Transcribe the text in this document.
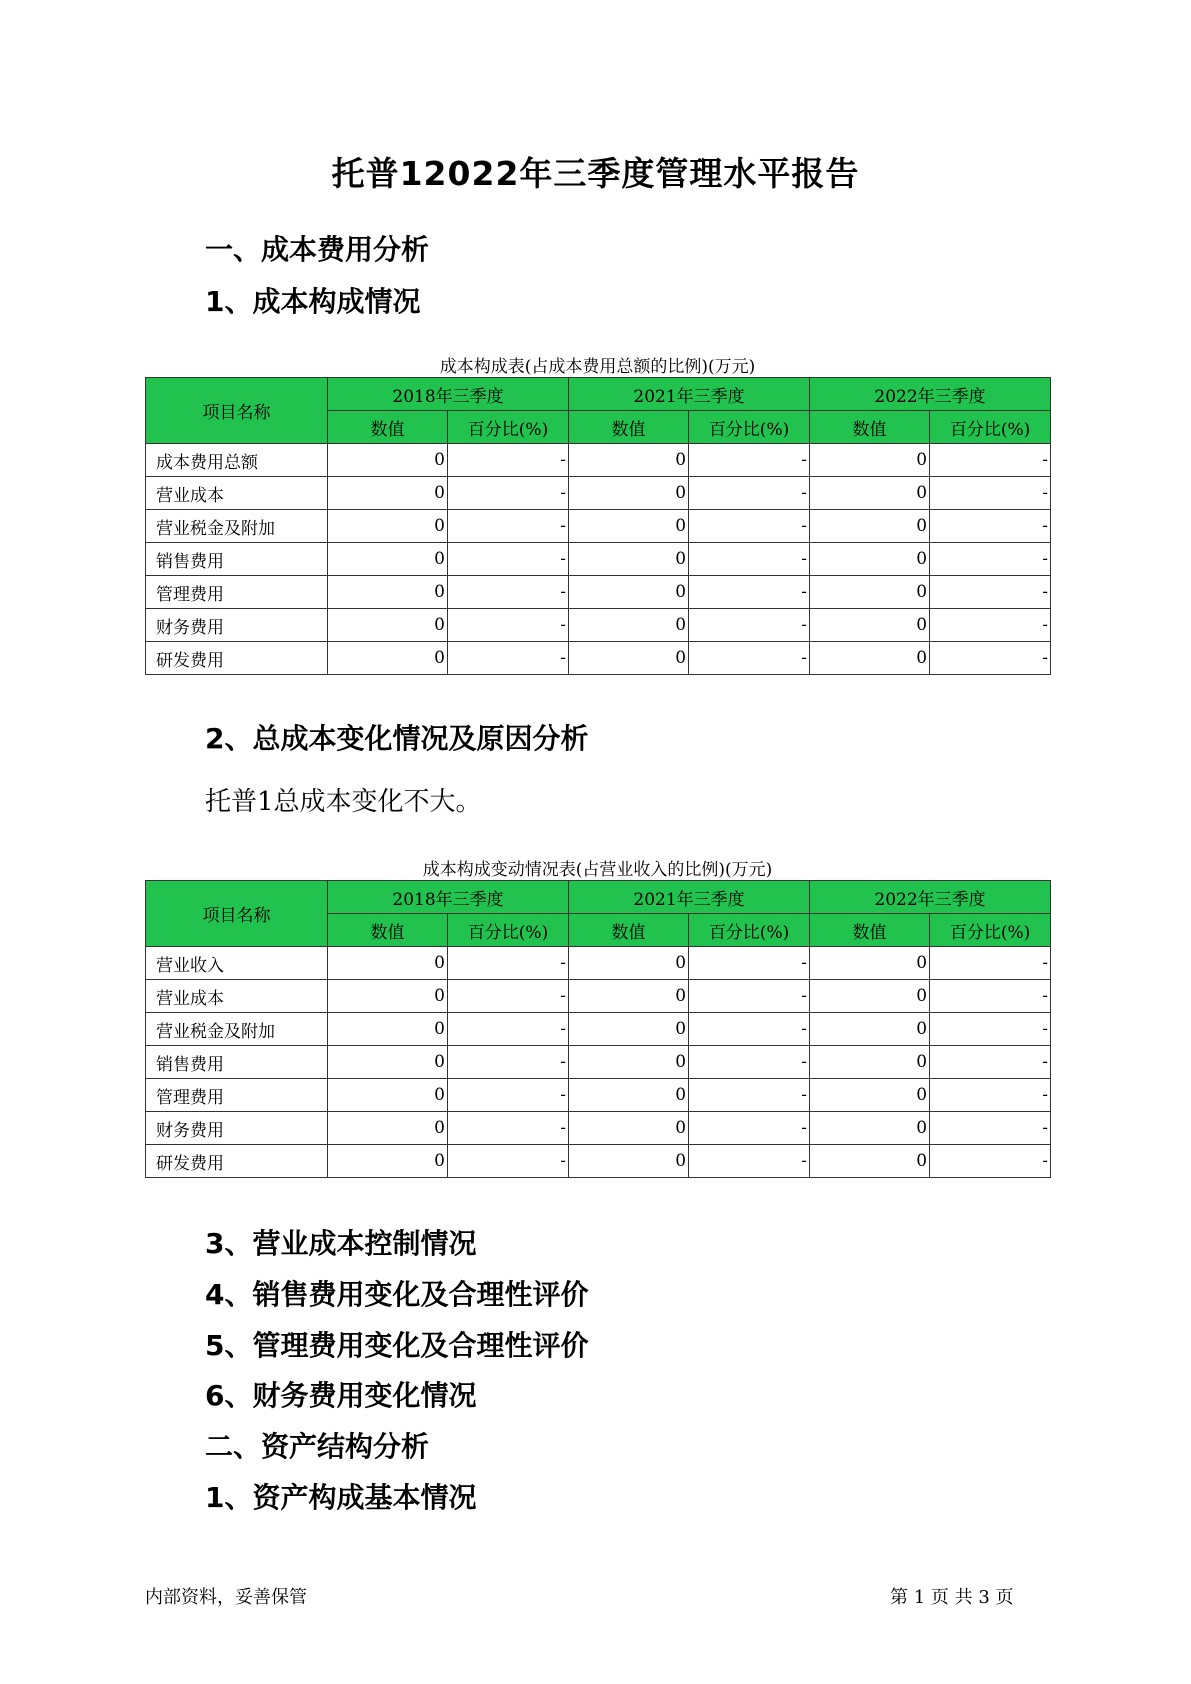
托普12022年三季度管理水平报告
一、成本费用分析
1、成本构成情况
成本构成表(占成本费用总额的比例)(万元)
项目名称	2018年三季度		2021年三季度		2022年三季度	
	数值	百分比(%)	数值	百分比(%)	数值	百分比(%)
成本费用总额	0	-	0	-	0	-
营业成本	0	-	0	-	0	-
营业税金及附加	0	-	0	-	0	-
销售费用	0	-	0	-	0	-
管理费用	0	-	0	-	0	-
财务费用	0	-	0	-	0	-
研发费用	0	-	0	-	0	-
2、总成本变化情况及原因分析
托普1总成本变化不大。
成本构成变动情况表(占营业收入的比例)(万元)
项目名称	2018年三季度		2021年三季度		2022年三季度	
	数值	百分比(%)	数值	百分比(%)	数值	百分比(%)
营业收入	0	-	0	-	0	-
营业成本	0	-	0	-	0	-
营业税金及附加	0	-	0	-	0	-
销售费用	0	-	0	-	0	-
管理费用	0	-	0	-	0	-
财务费用	0	-	0	-	0	-
研发费用	0	-	0	-	0	-
3、营业成本控制情况
4、销售费用变化及合理性评价
5、管理费用变化及合理性评价
6、财务费用变化情况
二、资产结构分析
1、资产构成基本情况
内部资料，妥善保管	第 1 页 共 3 页
